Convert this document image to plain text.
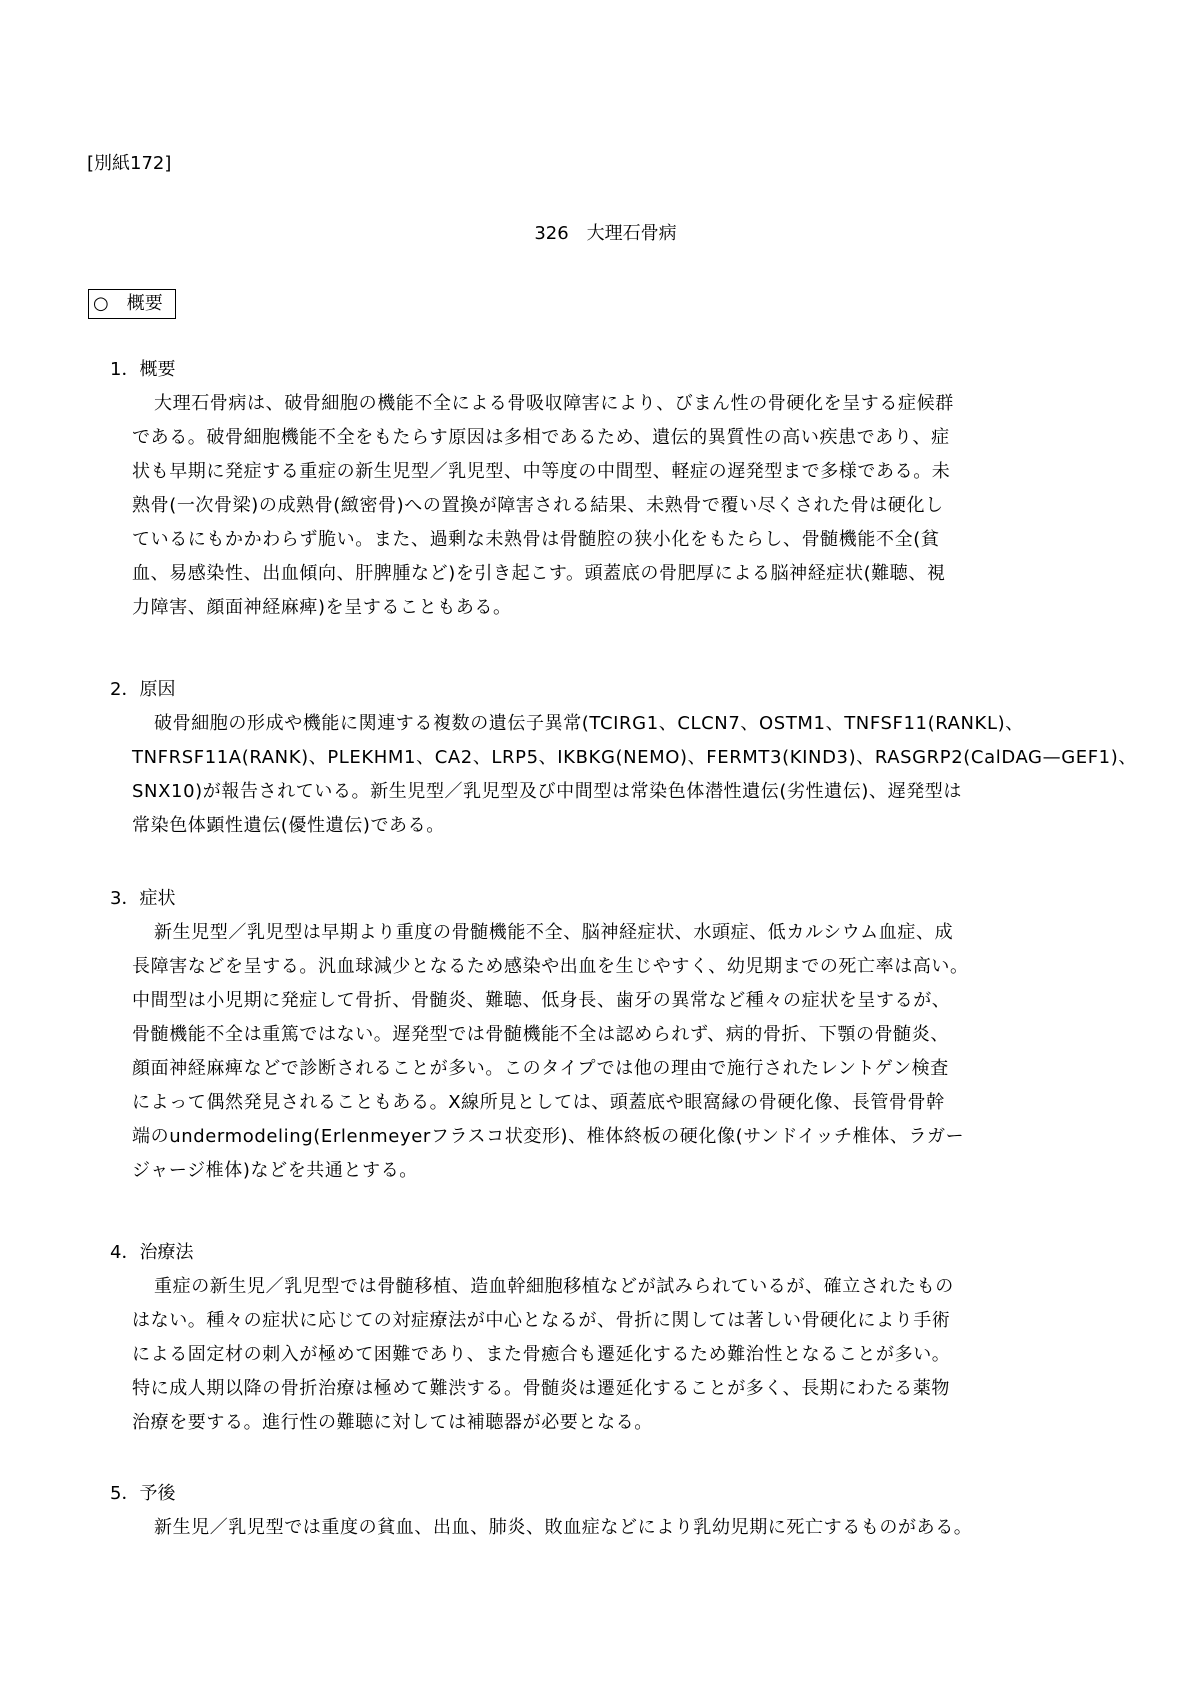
[別紙172]
326　大理石骨病
○　概要
1．概要
大理石骨病は、破骨細胞の機能不全による骨吸収障害により、びまん性の骨硬化を呈する症候群
である。破骨細胞機能不全をもたらす原因は多相であるため、遺伝的異質性の高い疾患であり、症
状も早期に発症する重症の新生児型／乳児型、中等度の中間型、軽症の遅発型まで多様である。未
熟骨(一次骨梁)の成熟骨(緻密骨)への置換が障害される結果、未熟骨で覆い尽くされた骨は硬化し
ているにもかかわらず脆い。また、過剰な未熟骨は骨髄腔の狭小化をもたらし、骨髄機能不全(貧
血、易感染性、出血傾向、肝脾腫など)を引き起こす。頭蓋底の骨肥厚による脳神経症状(難聴、視
力障害、顔面神経麻痺)を呈することもある。
2．原因
破骨細胞の形成や機能に関連する複数の遺伝子異常(TCIRG1、CLCN7、OSTM1、TNFSF11(RANKL)、
TNFRSF11A(RANK)、PLEKHM1、CA2、LRP5、IKBKG(NEMO)、FERMT3(KIND3)、RASGRP2(CalDAG—GEF1)、
SNX10)が報告されている。新生児型／乳児型及び中間型は常染色体潜性遺伝(劣性遺伝)、遅発型は
常染色体顕性遺伝(優性遺伝)である。
3．症状
新生児型／乳児型は早期より重度の骨髄機能不全、脳神経症状、水頭症、低カルシウム血症、成
長障害などを呈する。汎血球減少となるため感染や出血を生じやすく、幼児期までの死亡率は高い。
中間型は小児期に発症して骨折、骨髄炎、難聴、低身長、歯牙の異常など種々の症状を呈するが、
骨髄機能不全は重篤ではない。遅発型では骨髄機能不全は認められず、病的骨折、下顎の骨髄炎、
顔面神経麻痺などで診断されることが多い。このタイプでは他の理由で施行されたレントゲン検査
によって偶然発見されることもある。X線所見としては、頭蓋底や眼窩縁の骨硬化像、長管骨骨幹
端のundermodeling(Erlenmeyerフラスコ状変形)、椎体終板の硬化像(サンドイッチ椎体、ラガー
ジャージ椎体)などを共通とする。
4．治療法
重症の新生児／乳児型では骨髄移植、造血幹細胞移植などが試みられているが、確立されたもの
はない。種々の症状に応じての対症療法が中心となるが、骨折に関しては著しい骨硬化により手術
による固定材の刺入が極めて困難であり、また骨癒合も遷延化するため難治性となることが多い。
特に成人期以降の骨折治療は極めて難渋する。骨髄炎は遷延化することが多く、長期にわたる薬物
治療を要する。進行性の難聴に対しては補聴器が必要となる。
5．予後
新生児／乳児型では重度の貧血、出血、肺炎、敗血症などにより乳幼児期に死亡するものがある。
